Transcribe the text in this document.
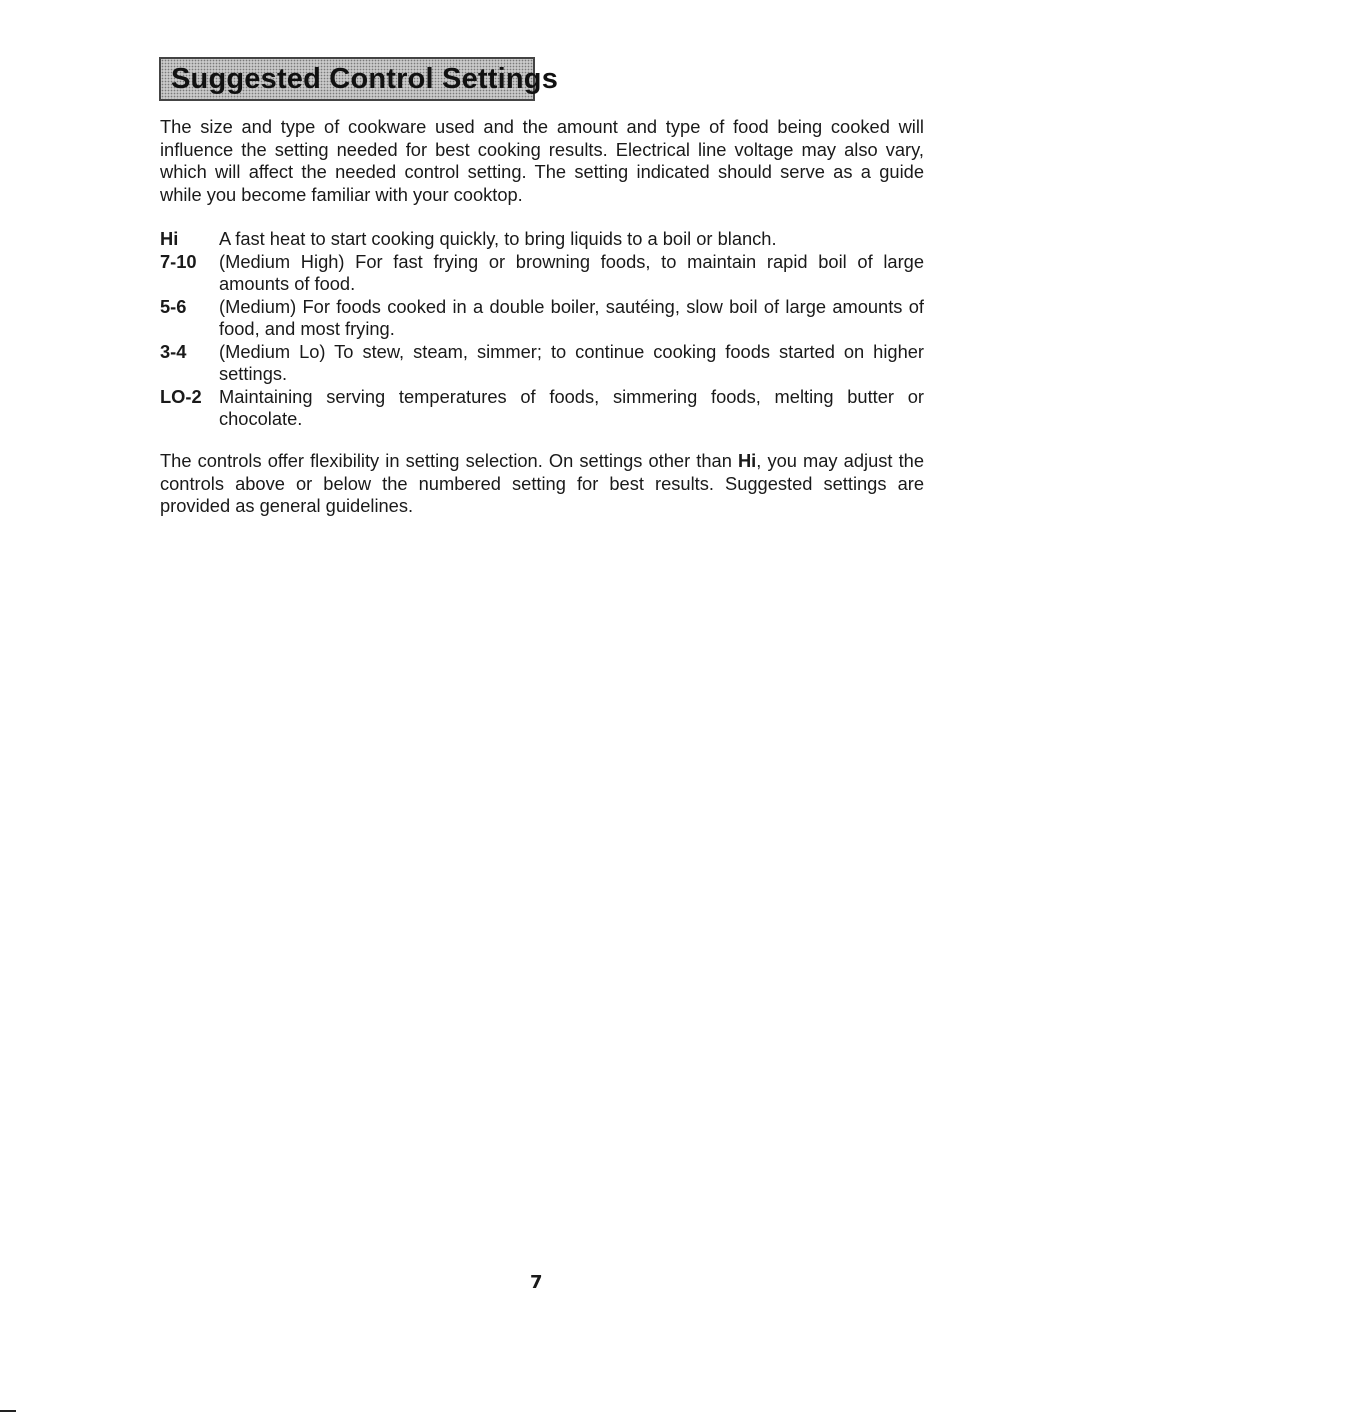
Suggested Control Settings

The size and type of cookware used and the amount and type of food being cooked will influence the setting needed for best cooking results. Electrical line voltage may also vary, which will affect the needed control setting. The setting indicated should serve as a guide while you become familiar with your cooktop.

Hi	A fast heat to start cooking quickly, to bring liquids to a boil or blanch.
7-10	(Medium High) For fast frying or browning foods, to maintain rapid boil of large amounts of food.
5-6	(Medium) For foods cooked in a double boiler, sautéing, slow boil of large amounts of food, and most frying.
3-4	(Medium Lo) To stew, steam, simmer; to continue cooking foods started on higher settings.
LO-2 Maintaining serving temperatures of foods, simmering foods, melting butter or chocolate.

The controls offer flexibility in setting selection. On settings other than Hi, you may adjust the controls above or below the numbered setting for best results. Suggested settings are provided as general guidelines.

7
